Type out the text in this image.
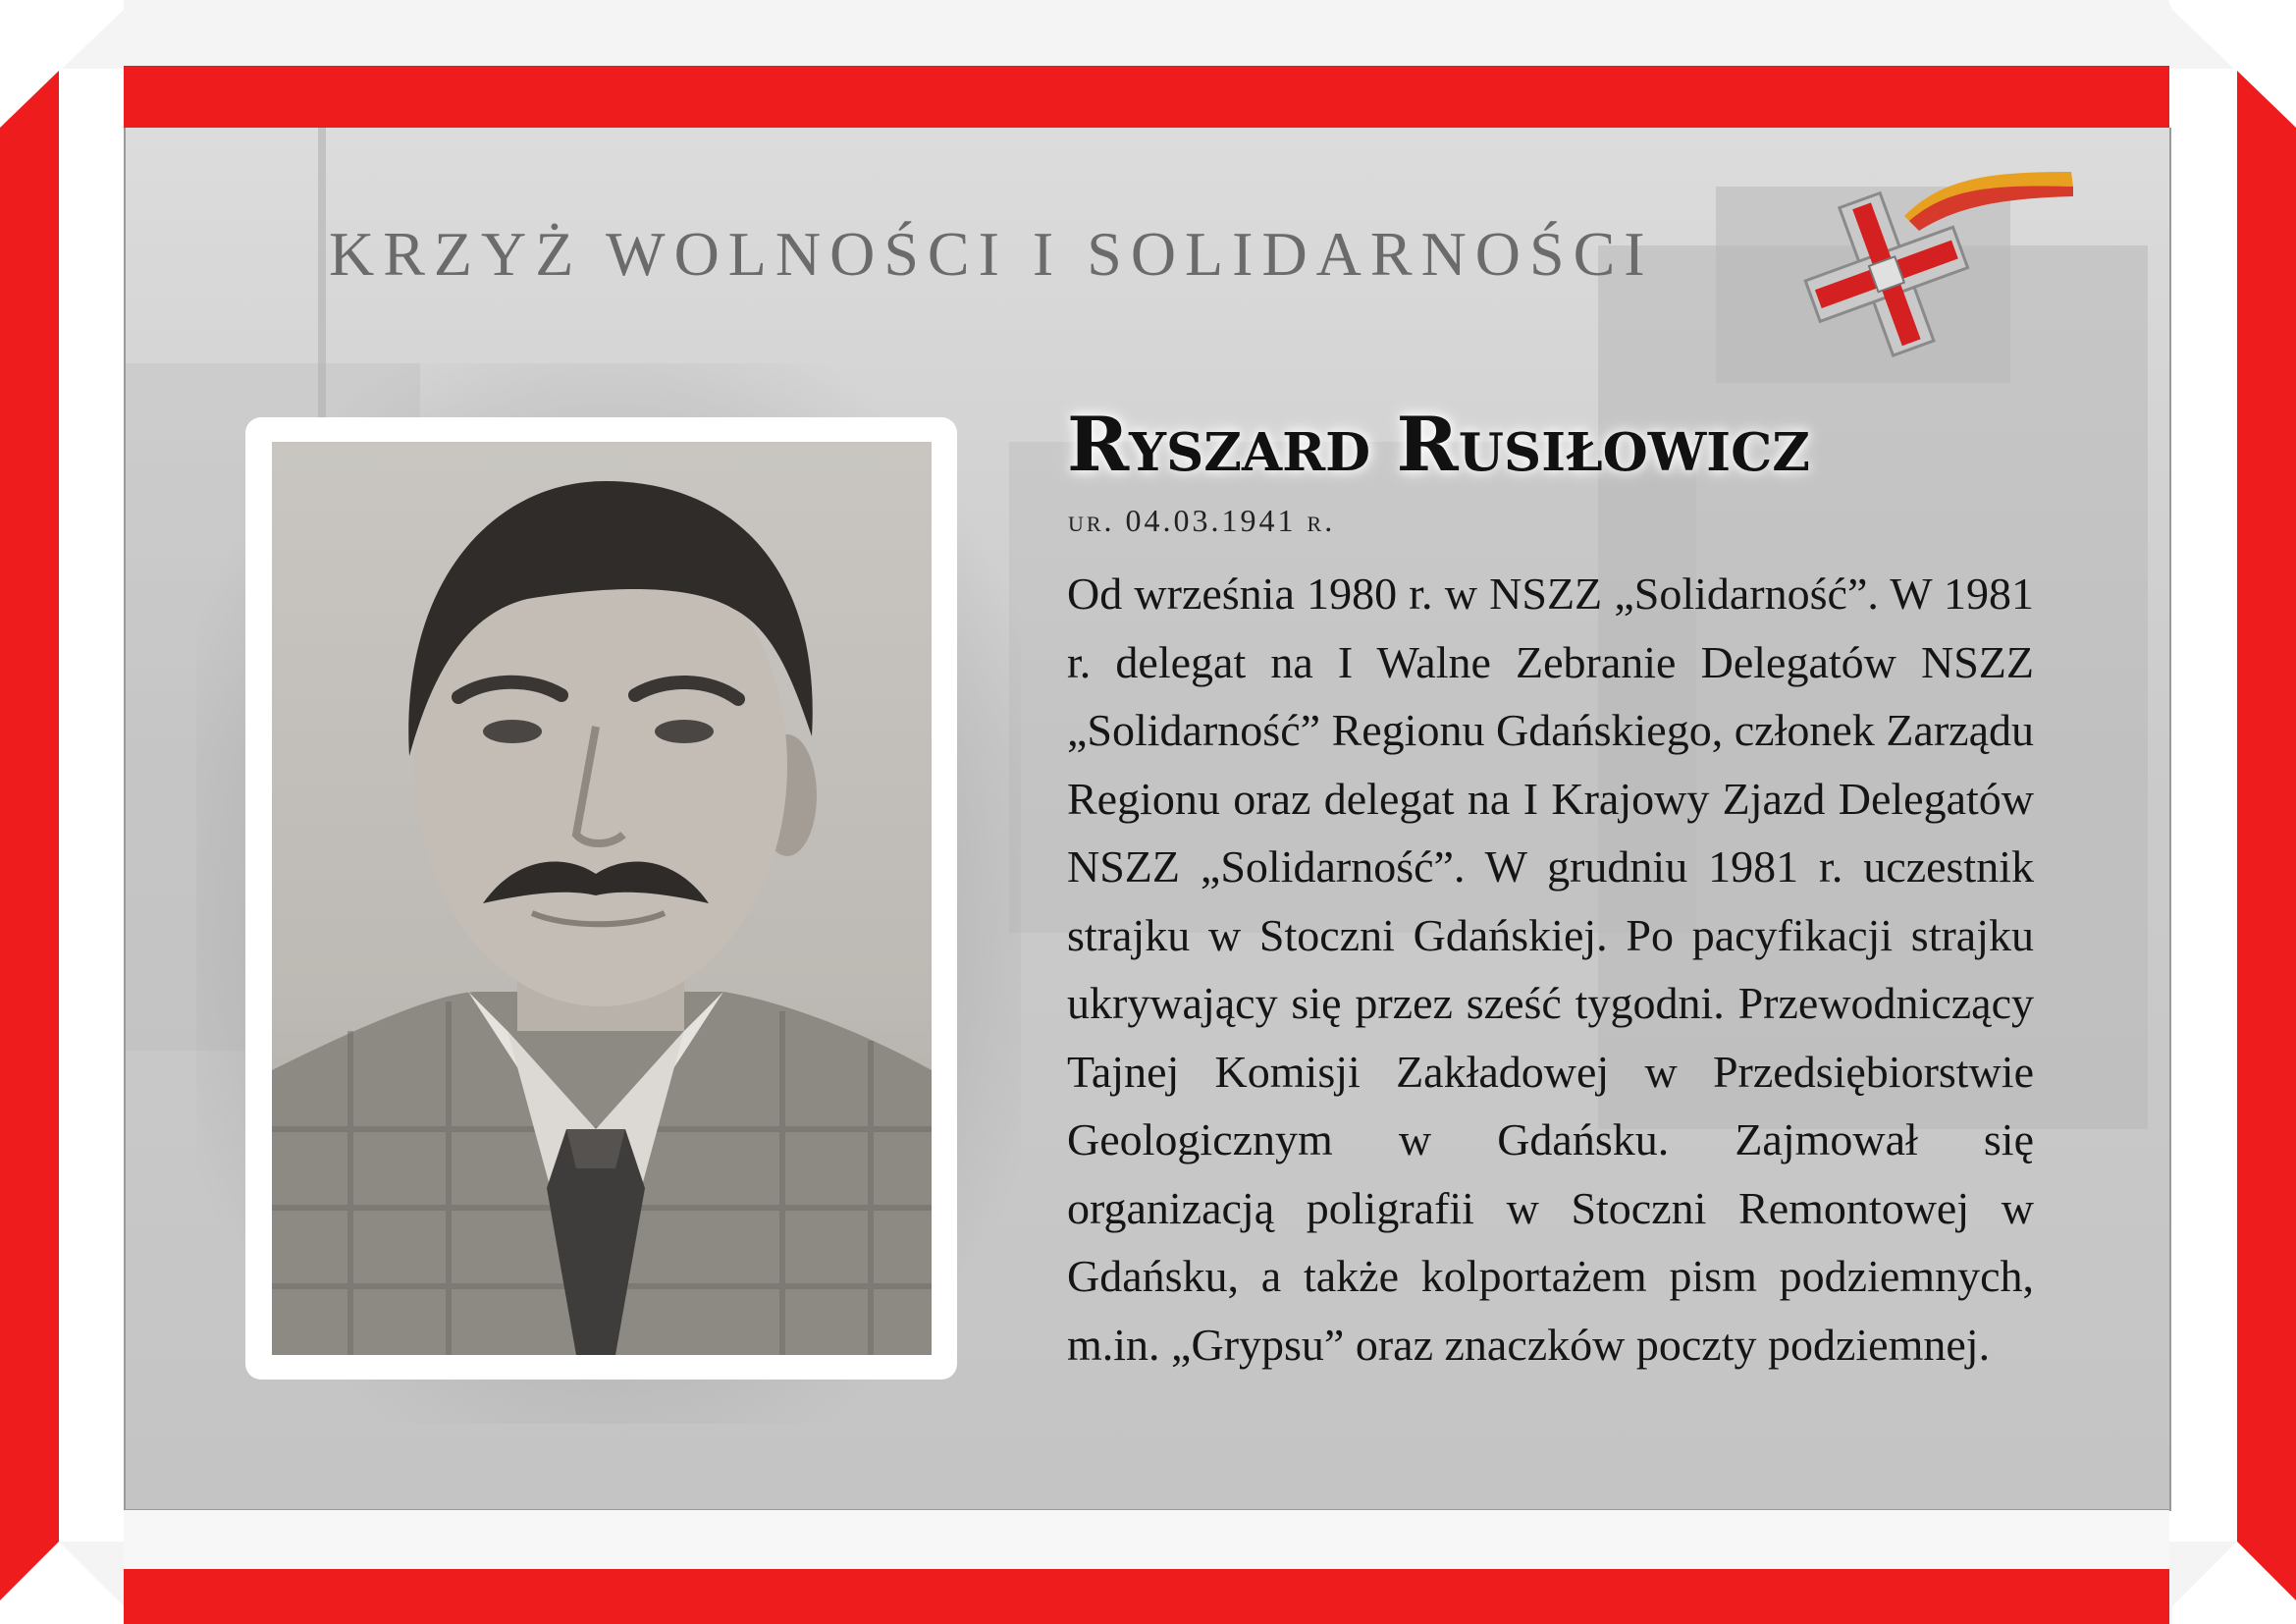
KRZYŻ WOLNOŚCI I SOLIDARNOŚCI
Ryszard Rusiłowicz
ur. 04.03.1941 r.
Od września 1980 r. w NSZZ „Solidarność”. W 1981 r. delegat na I Walne Zebranie Delegatów NSZZ „Solidarność” Regionu Gdańskiego, członek Zarządu Regionu oraz delegat na I Krajowy Zjazd Delegatów NSZZ „Solidarność”. W grudniu 1981 r. uczestnik strajku w Stoczni Gdańskiej. Po pacyfikacji strajku ukrywający się przez sześć tygodni. Przewodniczący Tajnej Komisji Zakładowej w Przedsiębiorstwie Geologicznym w Gdańsku. Zajmował się organizacją poligrafii w Stoczni Remontowej w Gdańsku, a także kolportażem pism podziemnych, m.in. „Grypsu” oraz znaczków poczty podziemnej.
